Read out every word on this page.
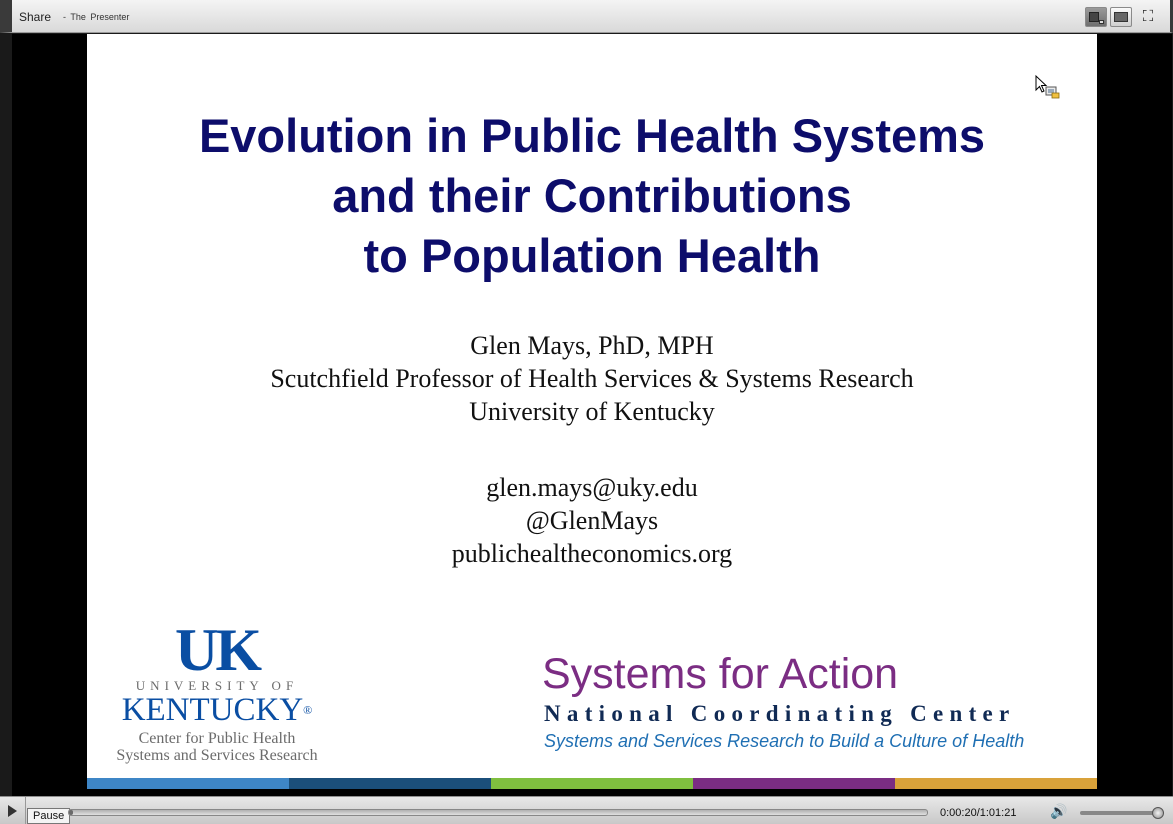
Share - The Presenter	⛶
Evolution in Public Health Systems
and their Contributions
to Population Health
Glen Mays, PhD, MPH
Scutchfield Professor of Health Services & Systems Research
University of Kentucky
glen.mays@uky.edu
@GlenMays
publichealtheconomics.org
UK
UNIVERSITY OF
KENTUCKY®
Center for Public Health
Systems and Services Research
Systems for Action
National Coordinating Center
Systems and Services Research to Build a Culture of Health
Pause	0:00:20/1:01:21 🔊
